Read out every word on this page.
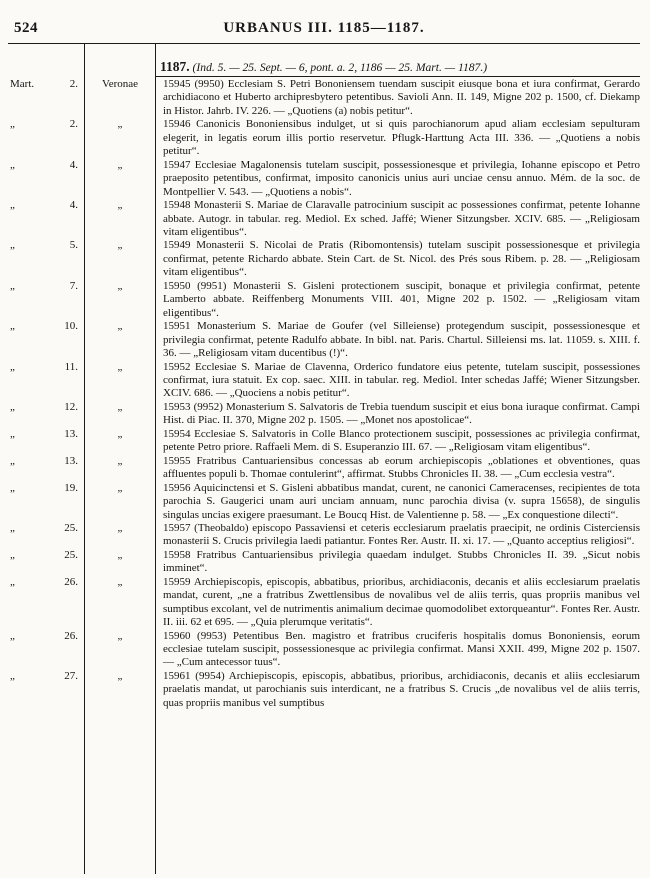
524	URBANUS III. 1185—1187.
1187. (Ind. 5. — 25. Sept. — 6, pont. a. 2, 1186 — 25. Mart. — 1187.)
Mart.	2.	Veronae	15945 (9950) Ecclesiam S. Petri Bononiensem tuendam suscipit eiusque bona et iura confirmat, Gerardo archidiacono et Huberto archipresbytero petentibus. Savioli Ann. II. 149, Migne 202 p. 1500, cf. Diekamp in Histor. Jahrb. IV. 226. — „Quotiens (a) nobis petitur“.
„	2.	„	15946 Canonicis Bononiensibus indulget, ut si quis parochianorum apud aliam ecclesiam sepulturam elegerit, in legatis eorum illis portio reservetur. Pflugk-Harttung Acta III. 336. — „Quotiens a nobis petitur“.
„	4.	„	15947 Ecclesiae Magalonensis tutelam suscipit, possessionesque et privilegia, Iohanne episcopo et Petro praeposito petentibus, confirmat, imposito canonicis unius auri unciae censu annuo. Mém. de la soc. de Montpellier V. 543. — „Quotiens a nobis“.
„	4.	„	15948 Monasterii S. Mariae de Claravalle patrocinium suscipit ac possessiones confirmat, petente Iohanne abbate. Autogr. in tabular. reg. Mediol. Ex sched. Jaffé; Wiener Sitzungsber. XCIV. 685. — „Religiosam vitam eligentibus“.
„	5.	„	15949 Monasterii S. Nicolai de Pratis (Ribomontensis) tutelam suscipit possessionesque et privilegia confirmat, petente Richardo abbate. Stein Cart. de St. Nicol. des Prés sous Ribem. p. 28. — „Religiosam vitam eligentibus“.
„	7.	„	15950 (9951) Monasterii S. Gisleni protectionem suscipit, bonaque et privilegia confirmat, petente Lamberto abbate. Reiffenberg Monuments VIII. 401, Migne 202 p. 1502. — „Religiosam vitam eligentibus“.
„	10.	„	15951 Monasterium S. Mariae de Goufer (vel Silleiense) protegendum suscipit, possessionesque et privilegia confirmat, petente Radulfo abbate. In bibl. nat. Paris. Chartul. Silleiensi ms. lat. 11059. s. XIII. f. 36. — „Religiosam vitam ducentibus (!)“.
„	11.	„	15952 Ecclesiae S. Mariae de Clavenna, Orderico fundatore eius petente, tutelam suscipit, possessiones confirmat, iura statuit. Ex cop. saec. XIII. in tabular. reg. Mediol. Inter schedas Jaffé; Wiener Sitzungsber. XCIV. 686. — „Quociens a nobis petitur“.
„	12.	„	15953 (9952) Monasterium S. Salvatoris de Trebia tuendum suscipit et eius bona iuraque confirmat. Campi Hist. di Piac. II. 370, Migne 202 p. 1505. — „Monet nos apostolicae“.
„	13.	„	15954 Ecclesiae S. Salvatoris in Colle Blanco protectionem suscipit, possessiones ac privilegia confirmat, petente Petro priore. Raffaeli Mem. di S. Esuperanzio III. 67. — „Religiosam vitam eligentibus“.
„	13.	„	15955 Fratribus Cantuariensibus concessas ab eorum archiepiscopis „oblationes et obventiones, quas affluentes populi b. Thomae contulerint“, affirmat. Stubbs Chronicles II. 38. — „Cum ecclesia vestra“.
„	19.	„	15956 Aquicinctensi et S. Gisleni abbatibus mandat, curent, ne canonici Cameracenses, recipientes de tota parochia S. Gaugerici unam auri unciam annuam, nunc parochia divisa (v. supra 15658), de singulis singulas uncias exigere praesumant. Le Boucq Hist. de Valentienne p. 58. — „Ex conquestione dilecti“.
„	25.	„	15957 (Theobaldo) episcopo Passaviensi et ceteris ecclesiarum praelatis praecipit, ne ordinis Cisterciensis monasterii S. Crucis privilegia laedi patiantur. Fontes Rer. Austr. II. xi. 17. — „Quanto acceptius religiosi“.
„	25.	„	15958 Fratribus Cantuariensibus privilegia quaedam indulget. Stubbs Chronicles II. 39. „Sicut nobis imminet“.
„	26.	„	15959 Archiepiscopis, episcopis, abbatibus, prioribus, archidiaconis, decanis et aliis ecclesiarum praelatis mandat, curent, „ne a fratribus Zwettlensibus de novalibus vel de aliis terris, quas propriis manibus vel sumptibus excolant, vel de nutrimentis animalium decimae quomodolibet extorqueantur“. Fontes Rer. Austr. II. iii. 62 et 695. — „Quia plerumque veritatis“.
„	26.	„	15960 (9953) Petentibus Ben. magistro et fratribus cruciferis hospitalis domus Bononiensis, eorum ecclesiae tutelam suscipit, possessionesque ac privilegia confirmat. Mansi XXII. 499, Migne 202 p. 1507. — „Cum antecessor tuus“.
„	27.	„	15961 (9954) Archiepiscopis, episcopis, abbatibus, prioribus, archidiaconis, decanis et aliis ecclesiarum praelatis mandat, ut parochianis suis interdicant, ne a fratribus S. Crucis „de novalibus vel de aliis terris, quas propriis manibus vel sumptibus
